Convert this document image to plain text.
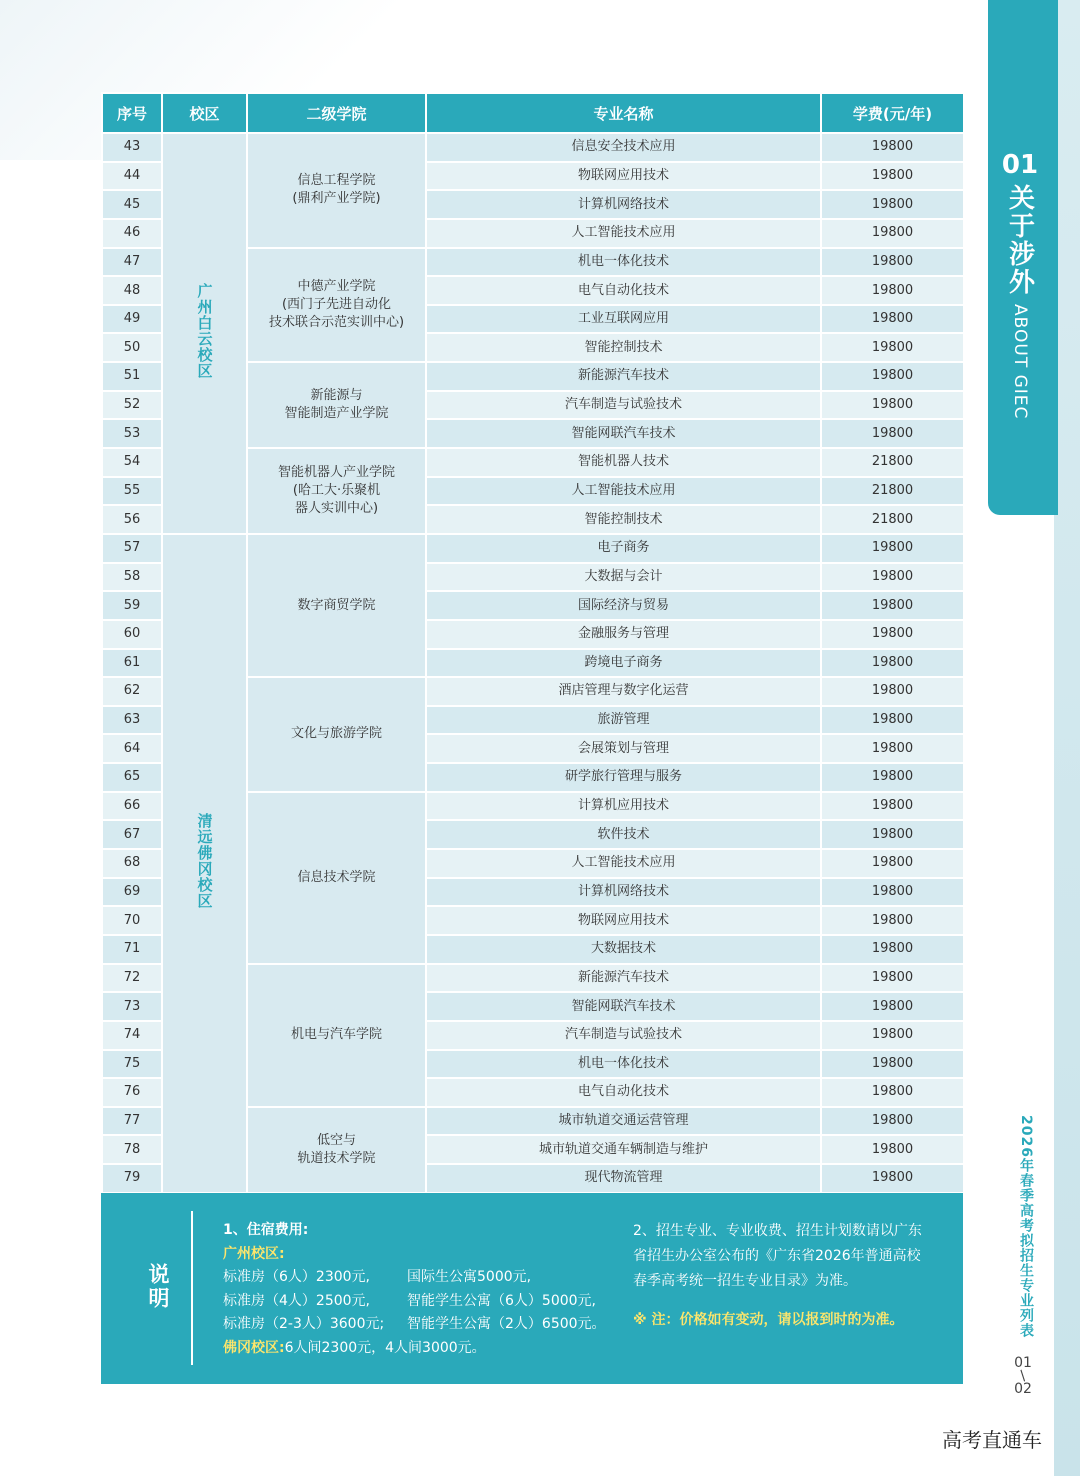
01
关于涉外
ABOUT GIEC
2026年春季高考拟招生专业列表
01
/
02
高考直通车
序号	校区	二级学院	专业名称	学费(元/年)
43	广州白云校区	信息工程学院
(鼎利产业学院)	信息安全技术应用	19800
44			物联网应用技术	19800
45			计算机网络技术	19800
46			人工智能技术应用	19800
47		中德产业学院
(西门子先进自动化
技术联合示范实训中心)	机电一体化技术	19800
48			电气自动化技术	19800
49			工业互联网应用	19800
50			智能控制技术	19800
51		新能源与
智能制造产业学院	新能源汽车技术	19800
52			汽车制造与试验技术	19800
53			智能网联汽车技术	19800
54		智能机器人产业学院
(哈工大·乐聚机
器人实训中心)	智能机器人技术	21800
55			人工智能技术应用	21800
56			智能控制技术	21800
57	清远佛冈校区	数字商贸学院	电子商务	19800
58			大数据与会计	19800
59			国际经济与贸易	19800
60			金融服务与管理	19800
61			跨境电子商务	19800
62		文化与旅游学院	酒店管理与数字化运营	19800
63			旅游管理	19800
64			会展策划与管理	19800
65			研学旅行管理与服务	19800
66		信息技术学院	计算机应用技术	19800
67			软件技术	19800
68			人工智能技术应用	19800
69			计算机网络技术	19800
70			物联网应用技术	19800
71			大数据技术	19800
72		机电与汽车学院	新能源汽车技术	19800
73			智能网联汽车技术	19800
74			汽车制造与试验技术	19800
75			机电一体化技术	19800
76			电气自动化技术	19800
77		低空与
轨道技术学院	城市轨道交通运营管理	19800
78			城市轨道交通车辆制造与维护	19800
79			现代物流管理	19800
说明
1、住宿费用:
广州校区:
标准房（6人）2300元,	国际生公寓5000元,
标准房（4人）2500元,	智能学生公寓（6人）5000元,
标准房（2-3人）3600元; 智能学生公寓（2人）6500元。
佛冈校区:6人间2300元，4人间3000元。
2、招生专业、专业收费、招生计划数请以广东省招生办公室公布的《广东省2026年普通高校春季高考统一招生专业目录》为准。
※ 注：价格如有变动，请以报到时的为准。
